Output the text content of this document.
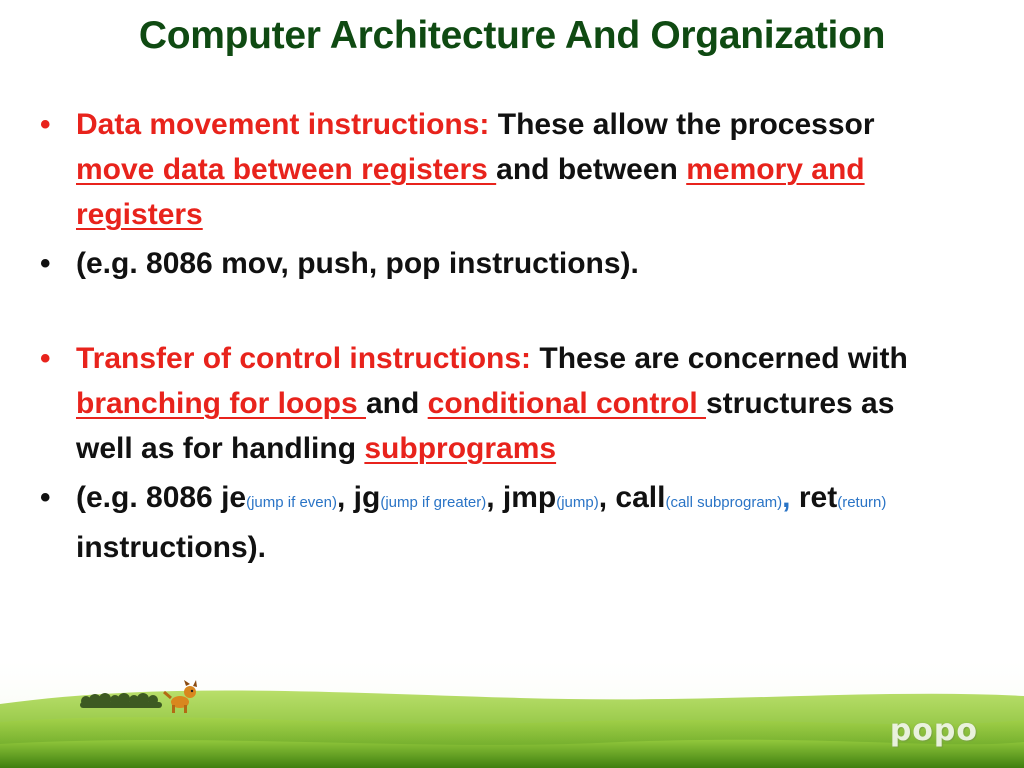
Computer Architecture And Organization
• Data movement instructions: These allow the processor move data between registers and between memory and registers
• (e.g. 8086 mov, push, pop instructions).
• Transfer of control instructions: These are concerned with branching for loops and conditional control structures as well as for handling subprograms
• (e.g. 8086 je(jump if even), jg(jump if greater), jmp(jump), call(call subprogram), ret(return) instructions).
popo
